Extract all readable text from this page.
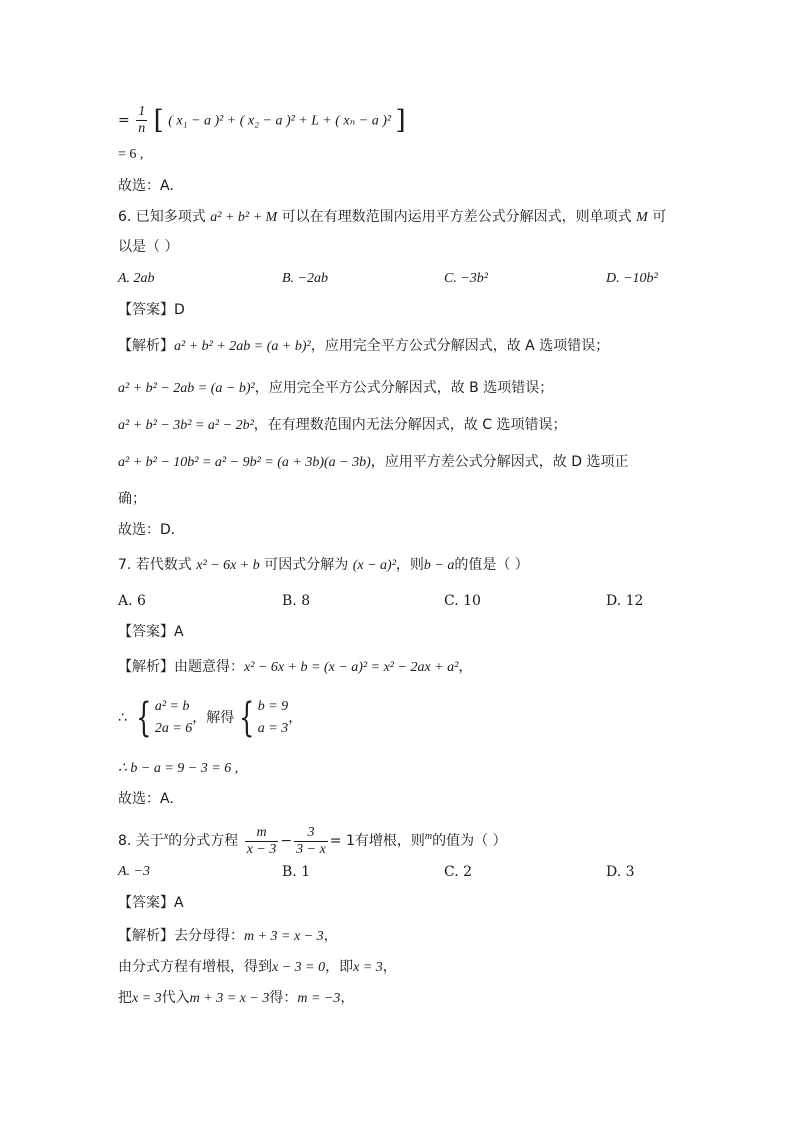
= $\frac{1}{n}$ [ ( x₁ − a )² + ( x₂ − a )² + L + ( xₙ − a )² ]
= 6 ,
故选：A.
6. 已知多项式 a² + b² + M 可以在有理数范围内运用平方差公式分解因式，则单项式 M 可
以是（ ）
A. 2ab	B. −2ab	C. −3b²	D. −10b²
【答案】D
【解析】a² + b² + 2ab = (a + b)²，应用完全平方公式分解因式，故 A 选项错误；
a² + b² − 2ab = (a − b)²，应用完全平方公式分解因式，故 B 选项错误；
a² + b² − 3b² = a² − 2b²，在有理数范围内无法分解因式，故 C 选项错误；
a² + b² − 10b² = a² − 9b² = (a + 3b)(a − 3b)，应用平方差公式分解因式，故 D 选项正
确；
故选：D.
7. 若代数式 x² − 6x + b 可因式分解为 (x − a)²，则b − a的值是（ ）
A. 6	B. 8	C. 10	D. 12
【答案】A
【解析】由题意得：x² − 6x + b = (x − a)² = x² − 2ax + a²，
∴ { a² = b
2a = 6
，解得 { b = 9
a = 3
，
∴ b − a = 9 − 3 = 6 ,
故选：A.
8. 关于$^x$的分式方程 $\frac{m}{x - 3} - \frac{3}{3 - x} = 1$有增根，则$^m$的值为（ ）
A. −3	B. 1	C. 2	D. 3
【答案】A
【解析】去分母得：m + 3 = x − 3，
由分式方程有增根，得到x − 3 = 0，即x = 3，
把x = 3代入m + 3 = x − 3得：m = −3，
